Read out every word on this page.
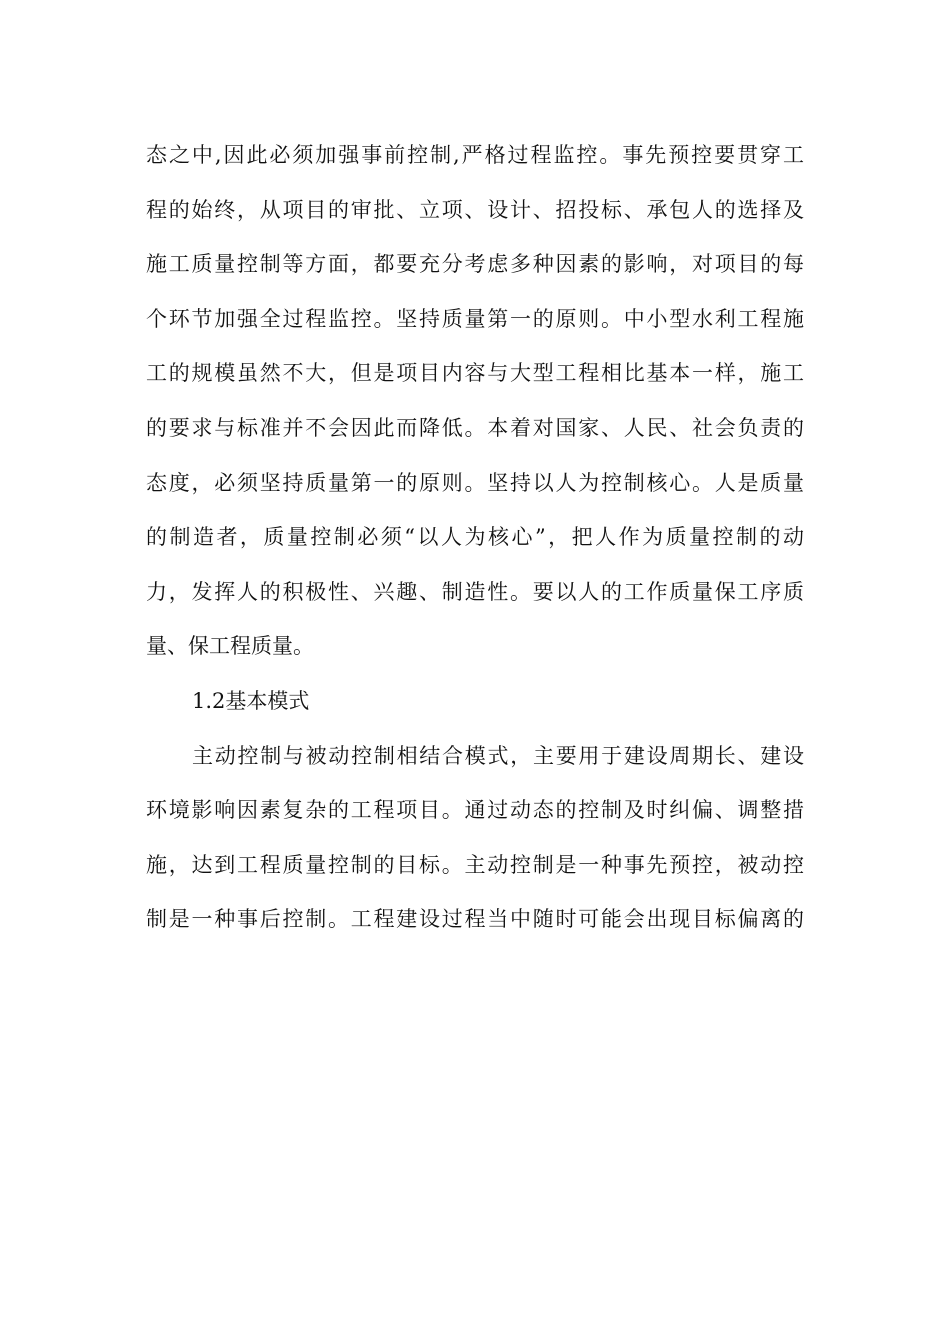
态之中,因此必须加强事前控制,严格过程监控。事先预控要贯穿工
程的始终，从项目的审批、立项、设计、招投标、承包人的选择及
施工质量控制等方面，都要充分考虑多种因素的影响，对项目的每
个环节加强全过程监控。坚持质量第一的原则。中小型水利工程施
工的规模虽然不大，但是项目内容与大型工程相比基本一样，施工
的要求与标准并不会因此而降低。本着对国家、人民、社会负责的
态度，必须坚持质量第一的原则。坚持以人为控制核心。人是质量
的制造者，质量控制必须“以人为核心”，把人作为质量控制的动
力，发挥人的积极性、兴趣、制造性。要以人的工作质量保工序质
量、保工程质量。
1.2基本模式
主动控制与被动控制相结合模式，主要用于建设周期长、建设
环境影响因素复杂的工程项目。通过动态的控制及时纠偏、调整措
施，达到工程质量控制的目标。主动控制是一种事先预控，被动控
制是一种事后控制。工程建设过程当中随时可能会出现目标偏离的
